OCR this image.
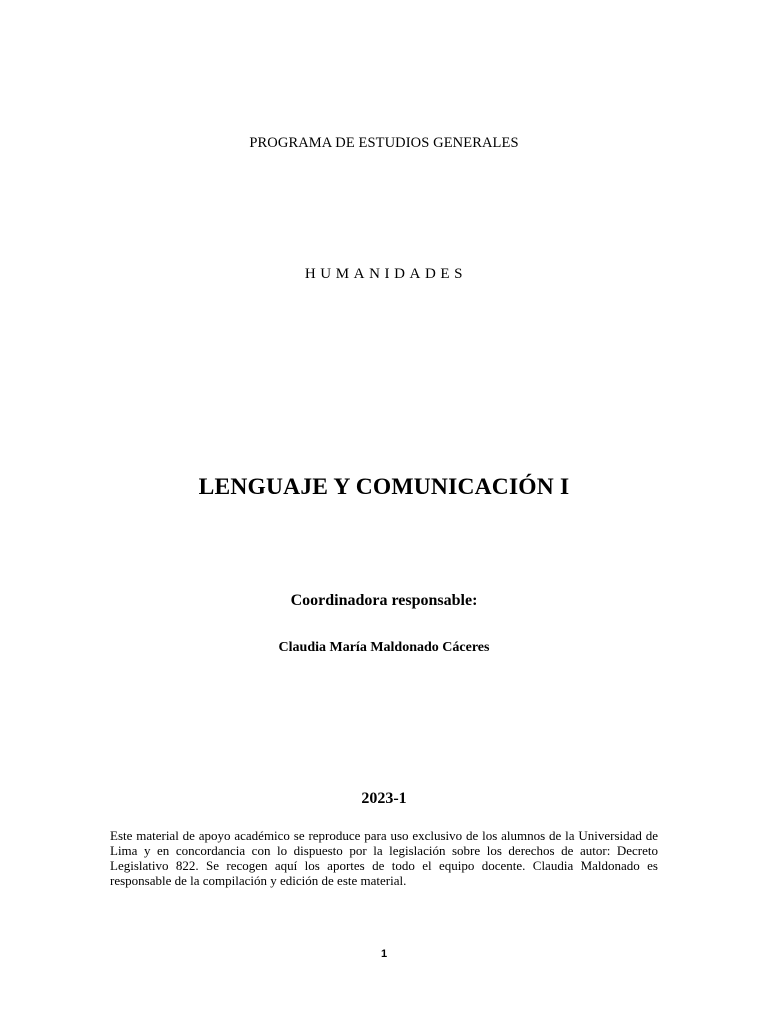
PROGRAMA DE ESTUDIOS GENERALES
HUMANIDADES
LENGUAJE Y COMUNICACIÓN I
Coordinadora responsable:
Claudia María Maldonado Cáceres
2023-1
Este material de apoyo académico se reproduce para uso exclusivo de los alumnos de la Universidad de Lima y en concordancia con lo dispuesto por la legislación sobre los derechos de autor: Decreto Legislativo 822. Se recogen aquí los aportes de todo el equipo docente. Claudia Maldonado es responsable de la compilación y edición de este material.
1
